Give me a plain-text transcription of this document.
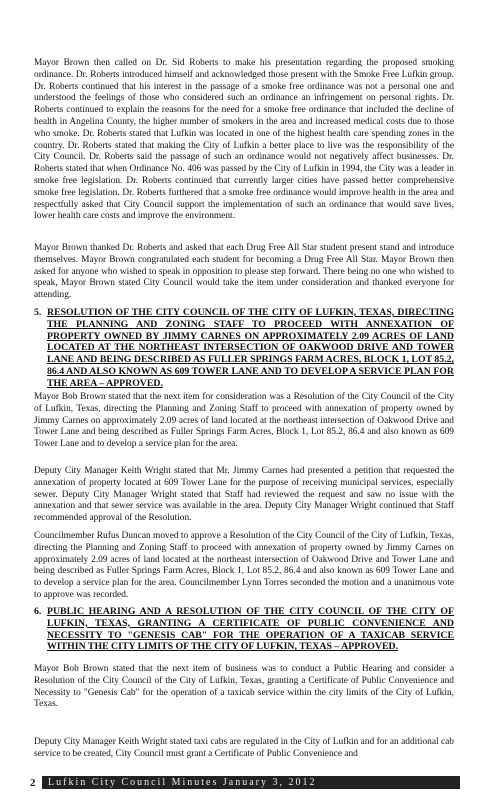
Mayor Brown then called on Dr. Sid Roberts to make his presentation regarding the proposed smoking ordinance. Dr. Roberts introduced himself and acknowledged those present with the Smoke Free Lufkin group. Dr. Roberts continued that his interest in the passage of a smoke free ordinance was not a personal one and understood the feelings of those who considered such an ordinance an infringement on personal rights. Dr. Roberts continued to explain the reasons for the need for a smoke free ordinance that included the decline of health in Angelina County, the higher number of smokers in the area and increased medical costs due to those who smoke. Dr. Roberts stated that Lufkin was located in one of the highest health care spending zones in the country. Dr. Roberts stated that making the City of Lufkin a better place to live was the responsibility of the City Council. Dr. Roberts said the passage of such an ordinance would not negatively affect businesses. Dr. Roberts stated that when Ordinance No. 406 was passed by the City of Lufkin in 1994, the City was a leader in smoke free legislation. Dr. Roberts continued that currently larger cities have passed better comprehensive smoke free legislation. Dr. Roberts furthered that a smoke free ordinance would improve health in the area and respectfully asked that City Council support the implementation of such an ordinance that would save lives, lower health care costs and improve the environment.
Mayor Brown thanked Dr. Roberts and asked that each Drug Free All Star student present stand and introduce themselves. Mayor Brown congratulated each student for becoming a Drug Free All Star. Mayor Brown then asked for anyone who wished to speak in opposition to please step forward. There being no one who wished to speak, Mayor Brown stated City Council would take the item under consideration and thanked everyone for attending.
5. RESOLUTION OF THE CITY COUNCIL OF THE CITY OF LUFKIN, TEXAS, DIRECTING THE PLANNING AND ZONING STAFF TO PROCEED WITH ANNEXATION OF PROPERTY OWNED BY JIMMY CARNES ON APPROXIMATELY 2.09 ACRES OF LAND LOCATED AT THE NORTHEAST INTERSECTION OF OAKWOOD DRIVE AND TOWER LANE AND BEING DESCRIBED AS FULLER SPRINGS FARM ACRES, BLOCK 1, LOT 85.2, 86.4 AND ALSO KNOWN AS 609 TOWER LANE AND TO DEVELOP A SERVICE PLAN FOR THE AREA – APPROVED.
Mayor Bob Brown stated that the next item for consideration was a Resolution of the City Council of the City of Lufkin, Texas, directing the Planning and Zoning Staff to proceed with annexation of property owned by Jimmy Carnes on approximately 2.09 acres of land located at the northeast intersection of Oakwood Drive and Tower Lane and being described as Fuller Springs Farm Acres, Block 1, Lot 85.2, 86.4 and also known as 609 Tower Lane and to develop a service plan for the area.
Deputy City Manager Keith Wright stated that Mr. Jimmy Carnes had presented a petition that requested the annexation of property located at 609 Tower Lane for the purpose of receiving municipal services, especially sewer. Deputy City Manager Wright stated that Staff had reviewed the request and saw no issue with the annexation and that sewer service was available in the area. Deputy City Manager Wright continued that Staff recommended approval of the Resolution.
Councilmember Rufus Duncan moved to approve a Resolution of the City Council of the City of Lufkin, Texas, directing the Planning and Zoning Staff to proceed with annexation of property owned by Jimmy Carnes on approximately 2.09 acres of land located at the northeast intersection of Oakwood Drive and Tower Lane and being described as Fuller Springs Farm Acres, Block 1, Lot 85.2, 86.4 and also known as 609 Tower Lane and to develop a service plan for the area. Councilmember Lynn Torres seconded the motion and a unanimous vote to approve was recorded.
6. PUBLIC HEARING AND A RESOLUTION OF THE CITY COUNCIL OF THE CITY OF LUFKIN, TEXAS, GRANTING A CERTIFICATE OF PUBLIC CONVENIENCE AND NECESSITY TO "GENESIS CAB" FOR THE OPERATION OF A TAXICAB SERVICE WITHIN THE CITY LIMITS OF THE CITY OF LUFKIN, TEXAS – APPROVED.
Mayor Bob Brown stated that the next item of business was to conduct a Public Hearing and consider a Resolution of the City Council of the City of Lufkin, Texas, granting a Certificate of Public Convenience and Necessity to "Genesis Cab" for the operation of a taxicab service within the city limits of the City of Lufkin, Texas.
Deputy City Manager Keith Wright stated taxi cabs are regulated in the City of Lufkin and for an additional cab service to be created, City Council must grant a Certificate of Public Convenience and
2	Lufkin City Council Minutes January 3, 2012
